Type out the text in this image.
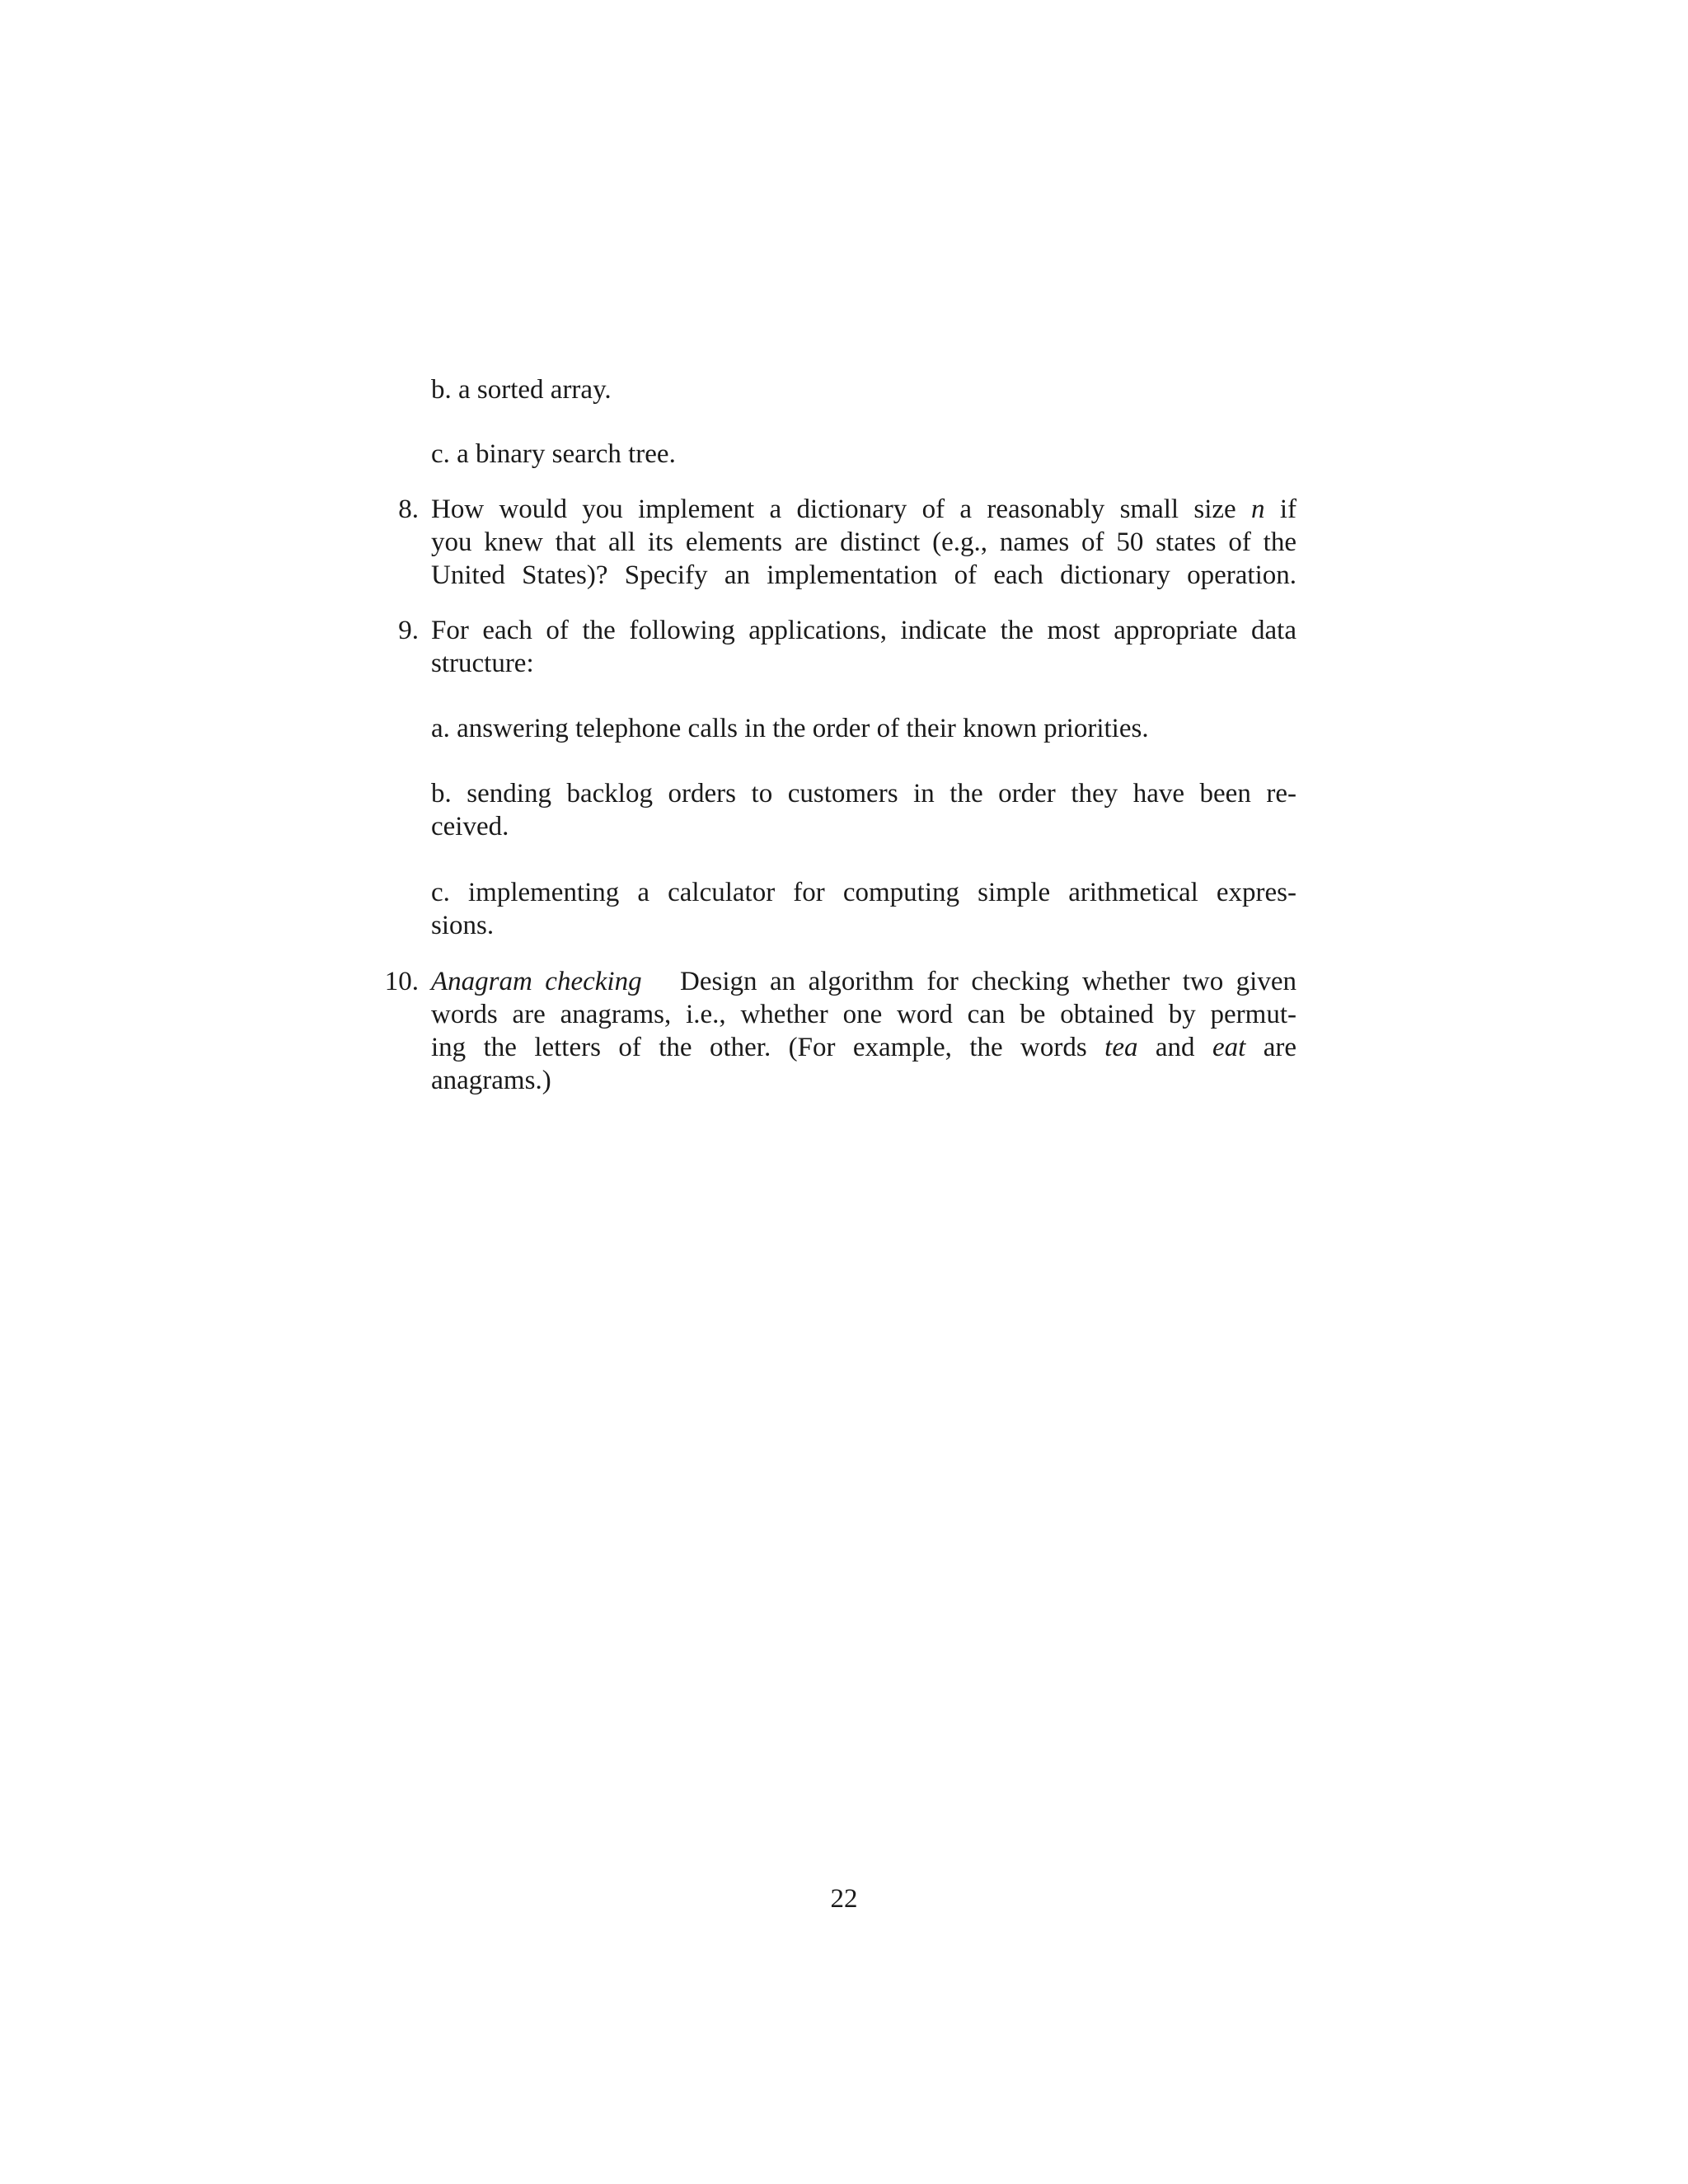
b. a sorted array.
c. a binary search tree.
8. How would you implement a dictionary of a reasonably small size n if
you knew that all its elements are distinct (e.g., names of 50 states of the
United States)? Specify an implementation of each dictionary operation.
9. For each of the following applications, indicate the most appropriate data
structure:
a. answering telephone calls in the order of their known priorities.
b. sending backlog orders to customers in the order they have been re-
ceived.
c. implementing a calculator for computing simple arithmetical expres-
sions.
10. Anagram checking Design an algorithm for checking whether two given
words are anagrams, i.e., whether one word can be obtained by permut-
ing the letters of the other. (For example, the words tea and eat are
anagrams.)
22
